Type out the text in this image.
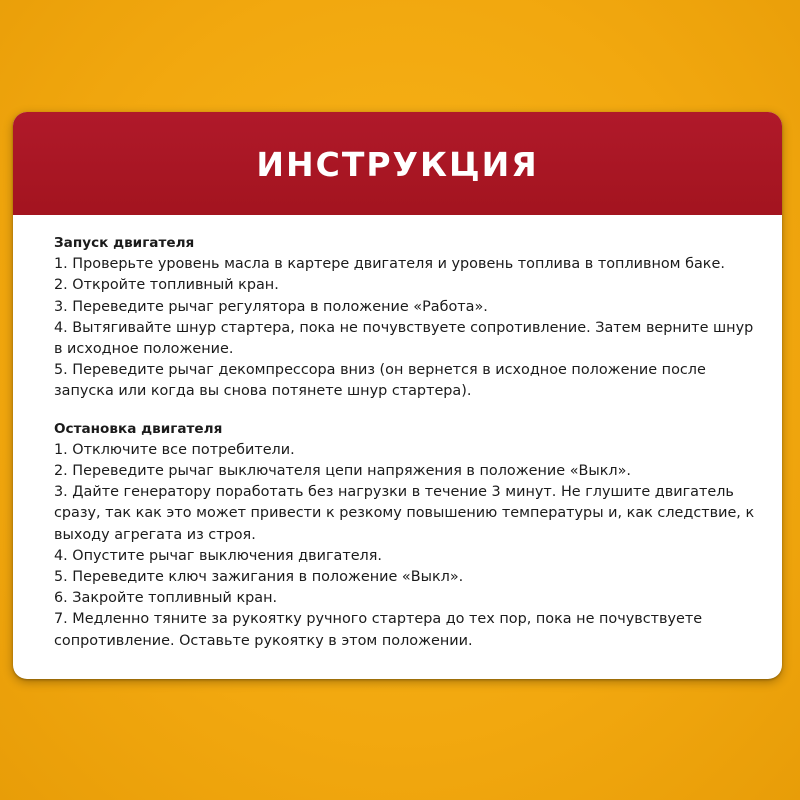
ИНСТРУКЦИЯ

Запуск двигателя

1. Проверьте уровень масла в картере двигателя и уровень топлива в топливном баке.

2. Откройте топливный кран.

3. Переведите рычаг регулятора в положение «Работа».

4. Вытягивайте шнур стартера, пока не почувствуете сопротивление. Затем верните шнур в исходное положение.

5. Переведите рычаг декомпрессора вниз (он вернется в исходное положение после запуска или когда вы снова потянете шнур стартера).

Остановка двигателя

1. Отключите все потребители.

2. Переведите рычаг выключателя цепи напряжения в положение «Выкл».

3. Дайте генератору поработать без нагрузки в течение 3 минут. Не глушите двигатель сразу, так как это может привести к резкому повышению температуры и, как следствие, к выходу агрегата из строя.

4. Опустите рычаг выключения двигателя.

5. Переведите ключ зажигания в положение «Выкл».

6. Закройте топливный кран.

7. Медленно тяните за рукоятку ручного стартера до тех пор, пока не почувствуете сопротивление. Оставьте рукоятку в этом положении.
